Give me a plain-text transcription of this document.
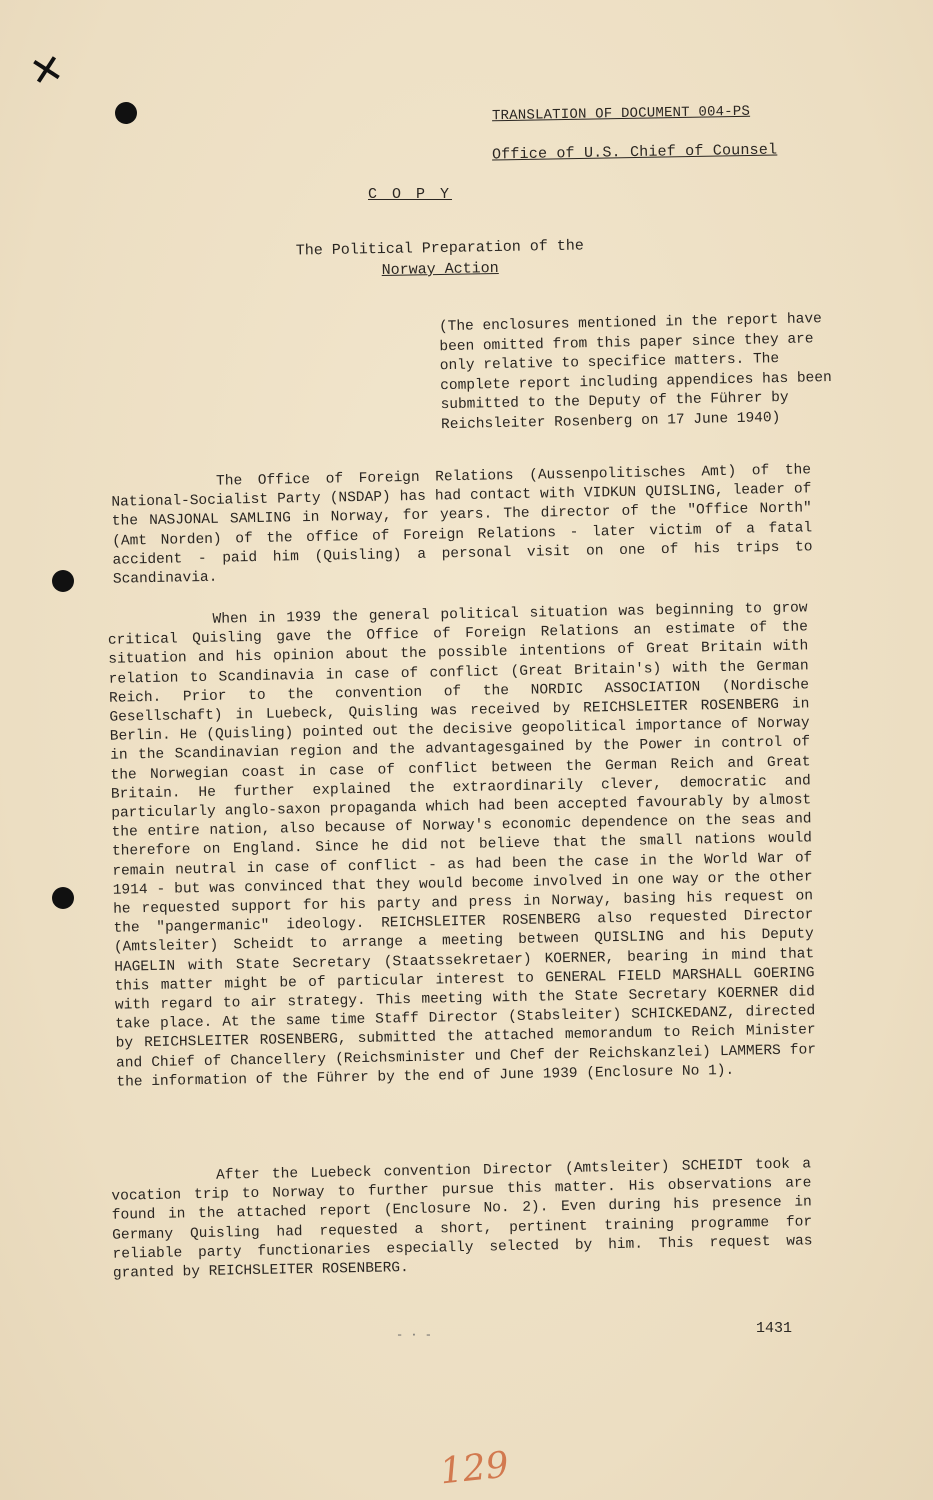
✕
TRANSLATION OF DOCUMENT 004-PS
Office of U.S. Chief of Counsel
C O P Y
The Political Preparation of the
Norway Action

(The enclosures mentioned in the report have been omitted from this paper since they are only relative to specifice matters. The complete report including appendices has been submitted to the Deputy of the Führer by Reichsleiter Rosenberg on 17 June 1940)

The Office of Foreign Relations (Aussenpolitisches Amt) of the National-Socialist Party (NSDAP) has had contact with VIDKUN QUISLING, leader of the NASJONAL SAMLING in Norway, for years. The director of the "Office North" (Amt Norden) of the office of Foreign Relations - later victim of a fatal accident - paid him (Quisling) a personal visit on one of his trips to Scandinavia.

When in 1939 the general political situation was beginning to grow critical Quisling gave the Office of Foreign Relations an estimate of the situation and his opinion about the possible intentions of Great Britain with relation to Scandinavia in case of conflict (Great Britain's) with the German Reich. Prior to the convention of the NORDIC ASSOCIATION (Nordische Gesellschaft) in Luebeck, Quisling was received by REICHSLEITER ROSENBERG in Berlin. He (Quisling) pointed out the decisive geopolitical importance of Norway in the Scandinavian region and the advantagesgained by the Power in control of the Norwegian coast in case of conflict between the German Reich and Great Britain. He further explained the extraordinarily clever, democratic and particularly anglo-saxon propaganda which had been accepted favourably by almost the entire nation, also because of Norway's economic dependence on the seas and therefore on England. Since he did not believe that the small nations would remain neutral in case of conflict - as had been the case in the World War of 1914 - but was convinced that they would become involved in one way or the other he requested support for his party and press in Norway, basing his request on the "pangermanic" ideology. REICHSLEITER ROSENBERG also requested Director (Amtsleiter) Scheidt to arrange a meeting between QUISLING and his Deputy HAGELIN with State Secretary (Staatssekretaer) KOERNER, bearing in mind that this matter might be of particular interest to GENERAL FIELD MARSHALL GOERING with regard to air strategy. This meeting with the State Secretary KOERNER did take place. At the same time Staff Director (Stabsleiter) SCHICKEDANZ, directed by REICHSLEITER ROSENBERG, submitted the attached memorandum to Reich Minister and Chief of Chancellery (Reichsminister und Chef der Reichskanzlei) LAMMERS for the information of the Führer by the end of June 1939 (Enclosure No 1).

After the Luebeck convention Director (Amtsleiter) SCHEIDT took a vocation trip to Norway to further pursue this matter. His observations are found in the attached report (Enclosure No. 2). Even during his presence in Germany Quisling had requested a short, pertinent training programme for reliable party functionaries especially selected by him. This request was granted by REICHSLEITER ROSENBERG.

- · -	1431
129
